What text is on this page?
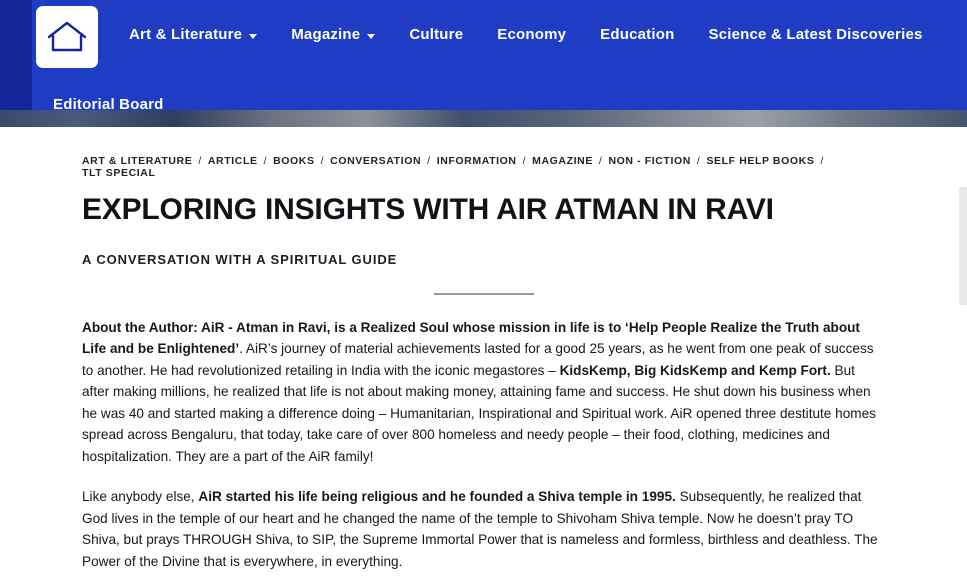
Art & Literature	Magazine	Culture Economy Education Science & Latest Discoveries
Editorial Board
ART & LITERATURE / ARTICLE / BOOKS / CONVERSATION / INFORMATION / MAGAZINE / NON - FICTION / SELF HELP BOOKS /
TLT SPECIAL
EXPLORING INSIGHTS WITH AIR ATMAN IN RAVI
A CONVERSATION WITH A SPIRITUAL GUIDE

About the Author: AiR - Atman in Ravi, is a Realized Soul whose mission in life is to ‘Help People Realize the Truth about Life and be Enlightened’. AiR’s journey of material achievements lasted for a good 25 years, as he went from one peak of success to another. He had revolutionized retailing in India with the iconic megastores – KidsKemp, Big KidsKemp and Kemp Fort. But after making millions, he realized that life is not about making money, attaining fame and success. He shut down his business when he was 40 and started making a difference doing – Humanitarian, Inspirational and Spiritual work. AiR opened three destitute homes spread across Bengaluru, that today, take care of over 800 homeless and needy people – their food, clothing, medicines and hospitalization. They are a part of the AiR family!

Like anybody else, AiR started his life being religious and he founded a Shiva temple in 1995. Subsequently, he realized that God lives in the temple of our heart and he changed the name of the temple to Shivoham Shiva temple. Now he doesn’t pray TO Shiva, but prays THROUGH Shiva, to SIP, the Supreme Immortal Power that is nameless and formless, birthless and deathless. The Power of the Divine that is everywhere, in everything.
